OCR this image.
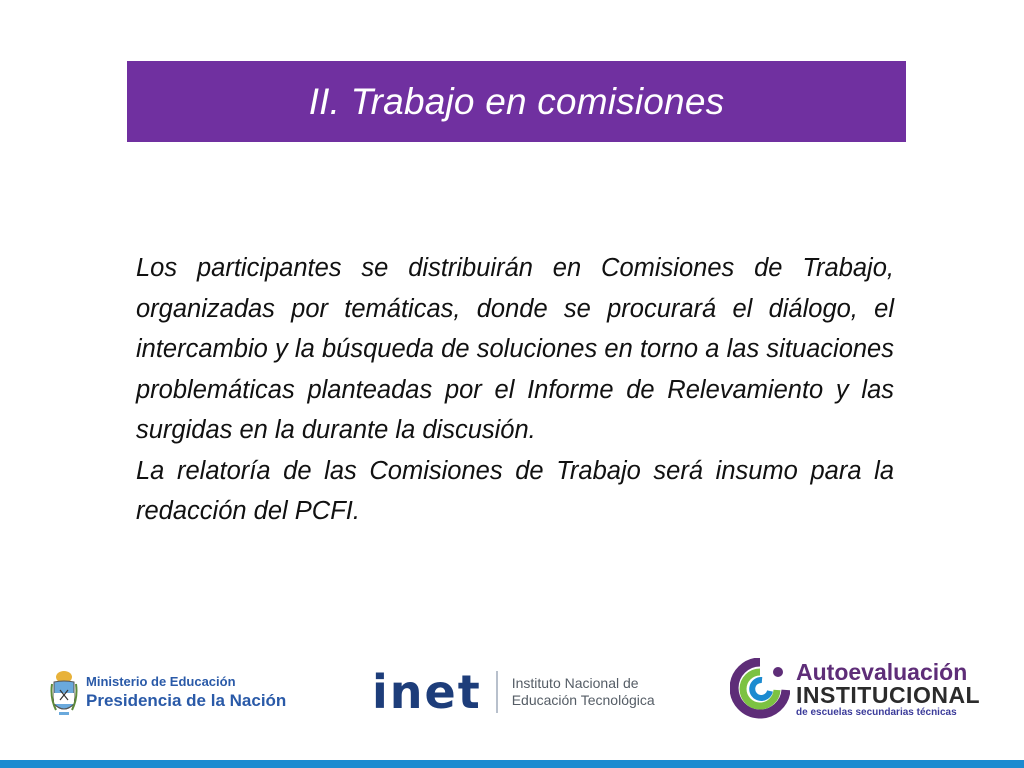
II. Trabajo en comisiones

Los participantes se distribuirán en Comisiones de Trabajo, organizadas por temáticas, donde se procurará el diálogo, el intercambio y la búsqueda de soluciones en torno a las situaciones problemáticas planteadas por el Informe de Relevamiento y las surgidas en la durante la discusión.

La relatoría de las Comisiones de Trabajo será insumo para la redacción del PCFI.

Ministerio de Educación
Presidencia de la Nación inet Instituto Nacional de
Educación Tecnológica
Autoevaluación
INSTITUCIONAL
de escuelas secundarias técnicas
